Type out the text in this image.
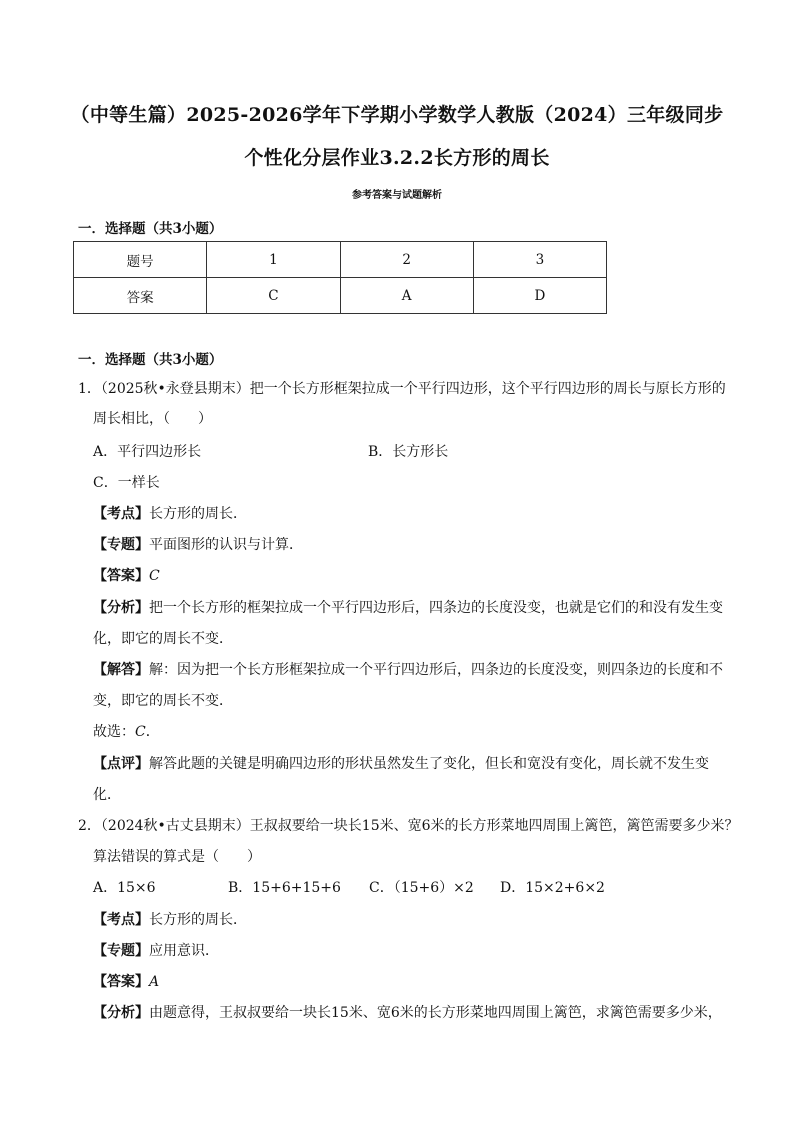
（中等生篇）2025-2026学年下学期小学数学人教版（2024）三年级同步
个性化分层作业3.2.2长方形的周长
参考答案与试题解析
一．选择题（共3小题）
题号	1	2	3
答案	C	A	D
一．选择题（共3小题）
1．（2025秋•永登县期末）把一个长方形框架拉成一个平行四边形，这个平行四边形的周长与原长方形的
周长相比，（　　）
A．平行四边形长	B．长方形长
C．一样长
【考点】长方形的周长．
【专题】平面图形的认识与计算．
【答案】C
【分析】把一个长方形的框架拉成一个平行四边形后，四条边的长度没变，也就是它们的和没有发生变
化，即它的周长不变．
【解答】解：因为把一个长方形框架拉成一个平行四边形后，四条边的长度没变，则四条边的长度和不
变，即它的周长不变．
故选：C．
【点评】解答此题的关键是明确四边形的形状虽然发生了变化，但长和宽没有变化，周长就不发生变
化．
2．（2024秋•古丈县期末）王叔叔要给一块长15米、宽6米的长方形菜地四周围上篱笆，篱笆需要多少米？
算法错误的算式是（　　）
A．15×6	B．15+6+15+6 C．（15+6）×2 D．15×2+6×2
【考点】长方形的周长．
【专题】应用意识．
【答案】A
【分析】由题意得，王叔叔要给一块长15米、宽6米的长方形菜地四周围上篱笆，求篱笆需要多少米，
